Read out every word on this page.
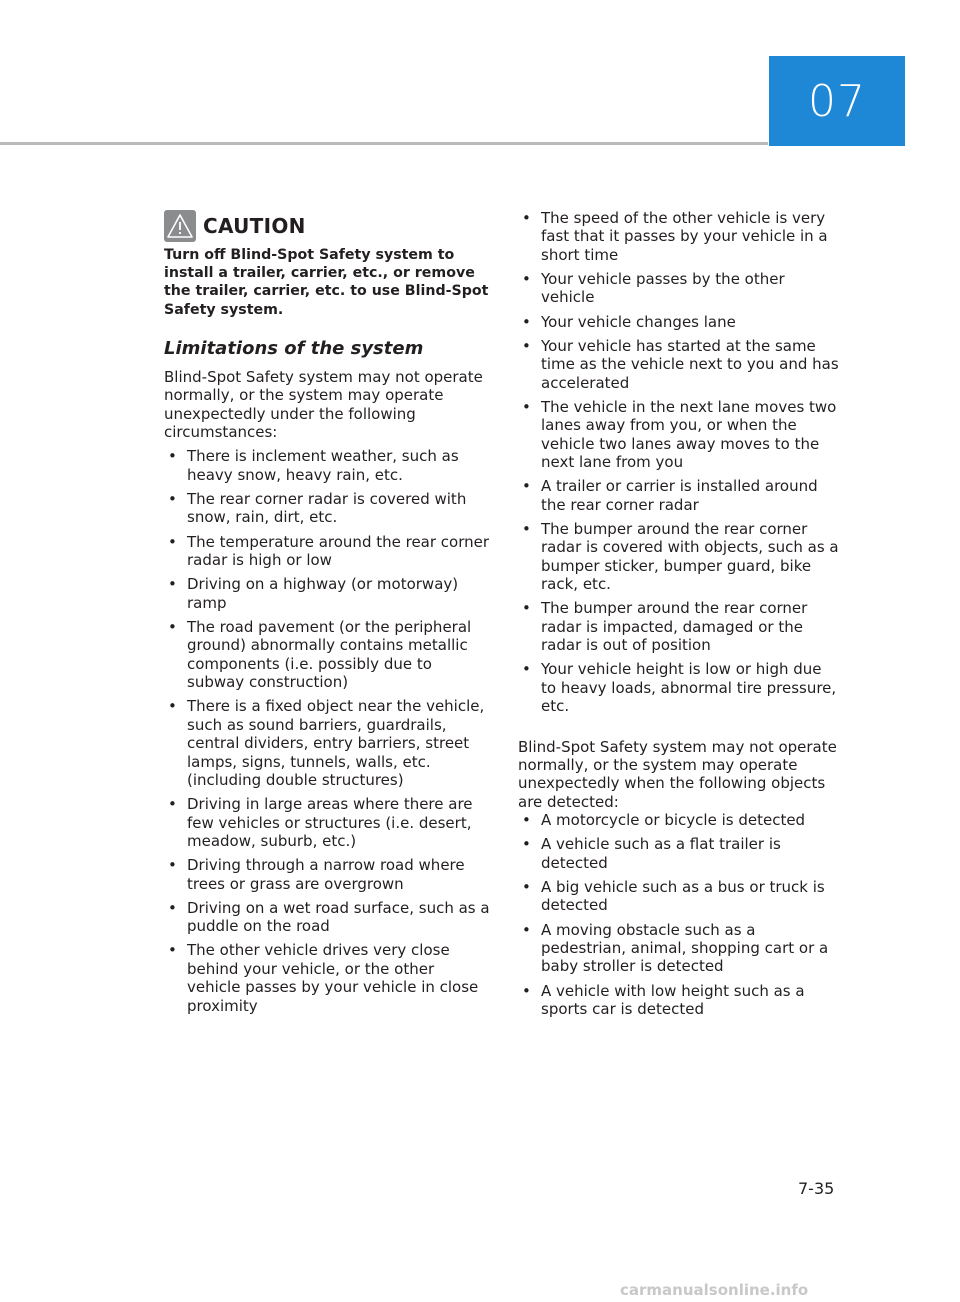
07
CAUTION

Turn off Blind-Spot Safety system to install a trailer, carrier, etc., or remove the trailer, carrier, etc. to use Blind-Spot Safety system.

Limitations of the system

Blind-Spot Safety system may not operate normally, or the system may operate unexpectedly under the following circumstances:

• There is inclement weather, such as heavy snow, heavy rain, etc.
• The rear corner radar is covered with snow, rain, dirt, etc.
• The temperature around the rear corner radar is high or low
• Driving on a highway (or motorway) ramp
• The road pavement (or the peripheral ground) abnormally contains metallic components (i.e. possibly due to subway construction)
• There is a fixed object near the vehicle, such as sound barriers, guardrails, central dividers, entry barriers, street lamps, signs, tunnels, walls, etc. (including double structures)
• Driving in large areas where there are few vehicles or structures (i.e. desert, meadow, suburb, etc.)
• Driving through a narrow road where trees or grass are overgrown
• Driving on a wet road surface, such as a puddle on the road
• The other vehicle drives very close behind your vehicle, or the other vehicle passes by your vehicle in close proximity
• The speed of the other vehicle is very fast that it passes by your vehicle in a short time
• Your vehicle passes by the other vehicle
• Your vehicle changes lane
• Your vehicle has started at the same time as the vehicle next to you and has accelerated
• The vehicle in the next lane moves two lanes away from you, or when the vehicle two lanes away moves to the next lane from you
• A trailer or carrier is installed around the rear corner radar
• The bumper around the rear corner radar is covered with objects, such as a bumper sticker, bumper guard, bike rack, etc.
• The bumper around the rear corner radar is impacted, damaged or the radar is out of position
• Your vehicle height is low or high due to heavy loads, abnormal tire pressure, etc.

Blind-Spot Safety system may not operate normally, or the system may operate unexpectedly when the following objects are detected:

• A motorcycle or bicycle is detected
• A vehicle such as a flat trailer is detected
• A big vehicle such as a bus or truck is detected
• A moving obstacle such as a pedestrian, animal, shopping cart or a baby stroller is detected
• A vehicle with low height such as a sports car is detected
7-35
carmanualsonline.info
